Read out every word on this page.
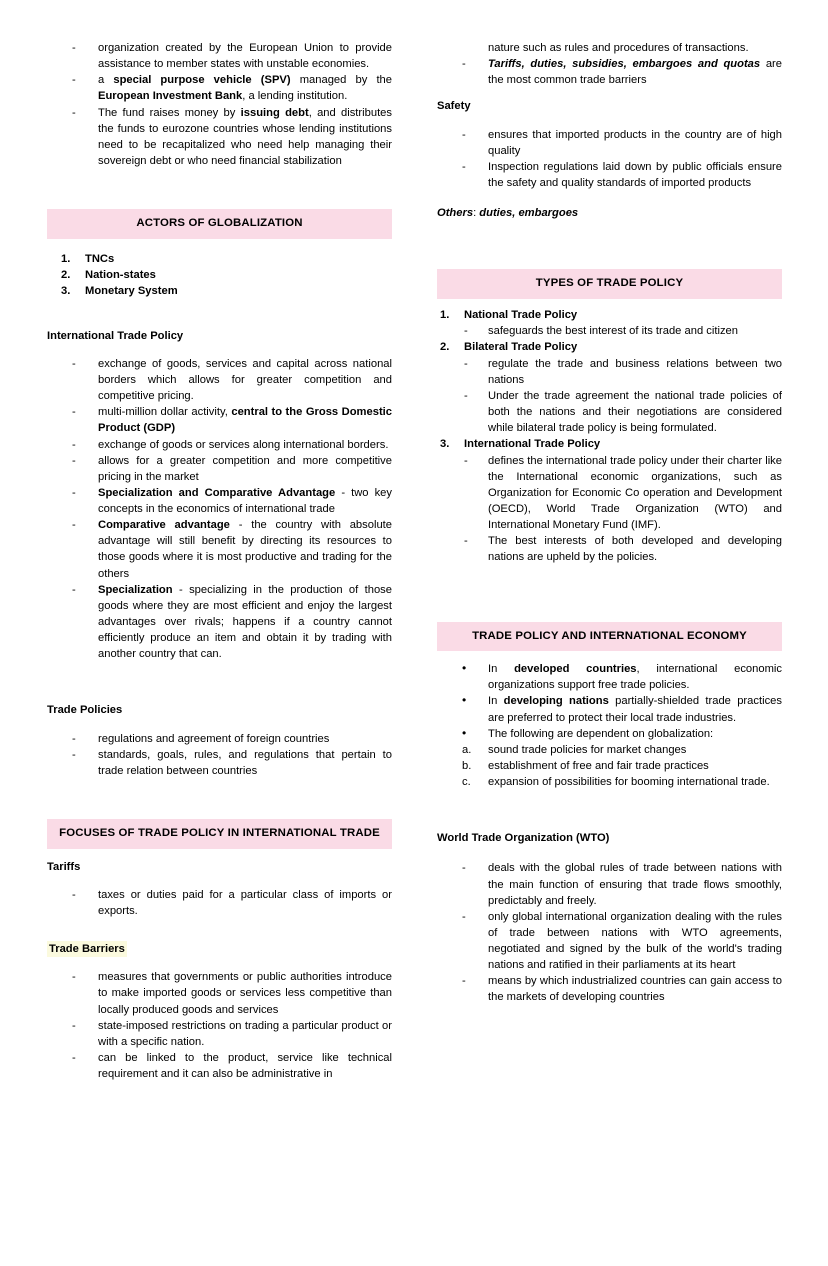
- organization created by the European Union to provide assistance to member states with unstable economies.
- a special purpose vehicle (SPV) managed by the European Investment Bank, a lending institution.
- The fund raises money by issuing debt, and distributes the funds to eurozone countries whose lending institutions need to be recapitalized who need help managing their sovereign debt or who need financial stabilization
ACTORS OF GLOBALIZATION
1. TNCs
2. Nation-states
3. Monetary System
International Trade Policy
- exchange of goods, services and capital across national borders which allows for greater competition and competitive pricing.
- multi-million dollar activity, central to the Gross Domestic Product (GDP)
- exchange of goods or services along international borders.
- allows for a greater competition and more competitive pricing in the market
- Specialization and Comparative Advantage - two key concepts in the economics of international trade
- Comparative advantage - the country with absolute advantage will still benefit by directing its resources to those goods where it is most productive and trading for the others
- Specialization - specializing in the production of those goods where they are most efficient and enjoy the largest advantages over rivals; happens if a country cannot efficiently produce an item and obtain it by trading with another country that can.
Trade Policies
- regulations and agreement of foreign countries
- standards, goals, rules, and regulations that pertain to trade relation between countries
FOCUSES OF TRADE POLICY IN INTERNATIONAL TRADE
Tariffs
- taxes or duties paid for a particular class of imports or exports.
Trade Barriers
- measures that governments or public authorities introduce to make imported goods or services less competitive than locally produced goods and services
- state-imposed restrictions on trading a particular product or with a specific nation.
- can be linked to the product, service like technical requirement and it can also be administrative in
nature such as rules and procedures of transactions.
- Tariffs, duties, subsidies, embargoes and quotas are the most common trade barriers
Safety
- ensures that imported products in the country are of high quality
- Inspection regulations laid down by public officials ensure the safety and quality standards of imported products
Others: duties, embargoes
TYPES OF TRADE POLICY
1. National Trade Policy
- safeguards the best interest of its trade and citizen
2. Bilateral Trade Policy
- regulate the trade and business relations between two nations
- Under the trade agreement the national trade policies of both the nations and their negotiations are considered while bilateral trade policy is being formulated.
3. International Trade Policy
- defines the international trade policy under their charter like the International economic organizations, such as Organization for Economic Co operation and Development (OECD), World Trade Organization (WTO) and International Monetary Fund (IMF).
- The best interests of both developed and developing nations are upheld by the policies.
TRADE POLICY AND INTERNATIONAL ECONOMY
• In developed countries, international economic organizations support free trade policies.
• In developing nations partially-shielded trade practices are preferred to protect their local trade industries.
• The following are dependent on globalization:
a. sound trade policies for market changes
b. establishment of free and fair trade practices
c. expansion of possibilities for booming international trade.
World Trade Organization (WTO)
- deals with the global rules of trade between nations with the main function of ensuring that trade flows smoothly, predictably and freely.
- only global international organization dealing with the rules of trade between nations with WTO agreements, negotiated and signed by the bulk of the world's trading nations and ratified in their parliaments at its heart
- means by which industrialized countries can gain access to the markets of developing countries
